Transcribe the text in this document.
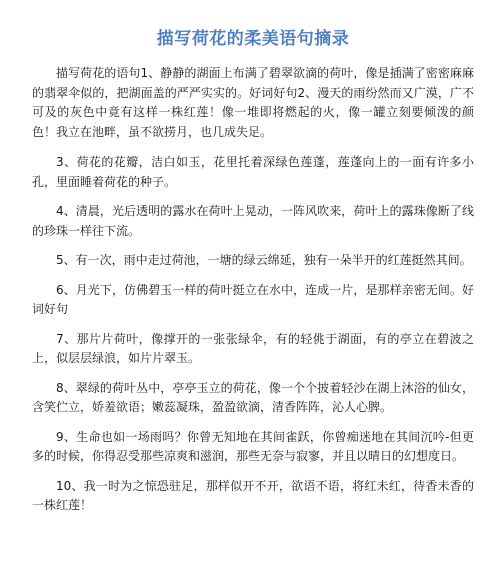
描写荷花的柔美语句摘录

描写荷花的语句1、静静的湖面上布满了碧翠欲滴的荷叶，像是插满了密密麻麻的翡翠伞似的，把湖面盖的严严实实的。好词好句2、漫天的雨纷然而又广漠，广不可及的灰色中竟有这样一株红莲！像一堆即将燃起的火，像一罐立刻要倾泼的颜色！我立在池畔，虽不欲捞月，也几成失足。

3、荷花的花瓣，洁白如玉，花里托着深绿色莲蓬，莲蓬向上的一面有许多小孔，里面睡着荷花的种子。

4、清晨，光后透明的露水在荷叶上晃动，一阵风吹来，荷叶上的露珠像断了线的珍珠一样往下流。

5、有一次，雨中走过荷池，一塘的绿云绵延，独有一朵半开的红莲挺然其间。

6、月光下，仿佛碧玉一样的荷叶挺立在水中，连成一片，是那样亲密无间。好词好句

7、那片片荷叶，像撑开的一张张绿伞，有的轻佻于湖面，有的亭立在碧波之上，似层层绿浪，如片片翠玉。

8、翠绿的荷叶丛中，亭亭玉立的荷花，像一个个披着轻沙在湖上沐浴的仙女，含笑伫立，娇羞欲语；嫩蕊凝珠，盈盈欲滴，清香阵阵，沁人心脾。

9、生命也如一场雨吗？你曾无知地在其间雀跃，你曾痴迷地在其间沉吟-但更多的时候，你得忍受那些凉爽和滋润，那些无奈与寂寥，并且以晴日的幻想度日。

10、我一时为之惊恐驻足，那样似开不开，欲语不语，将红未红，待香未香的一株红莲！
